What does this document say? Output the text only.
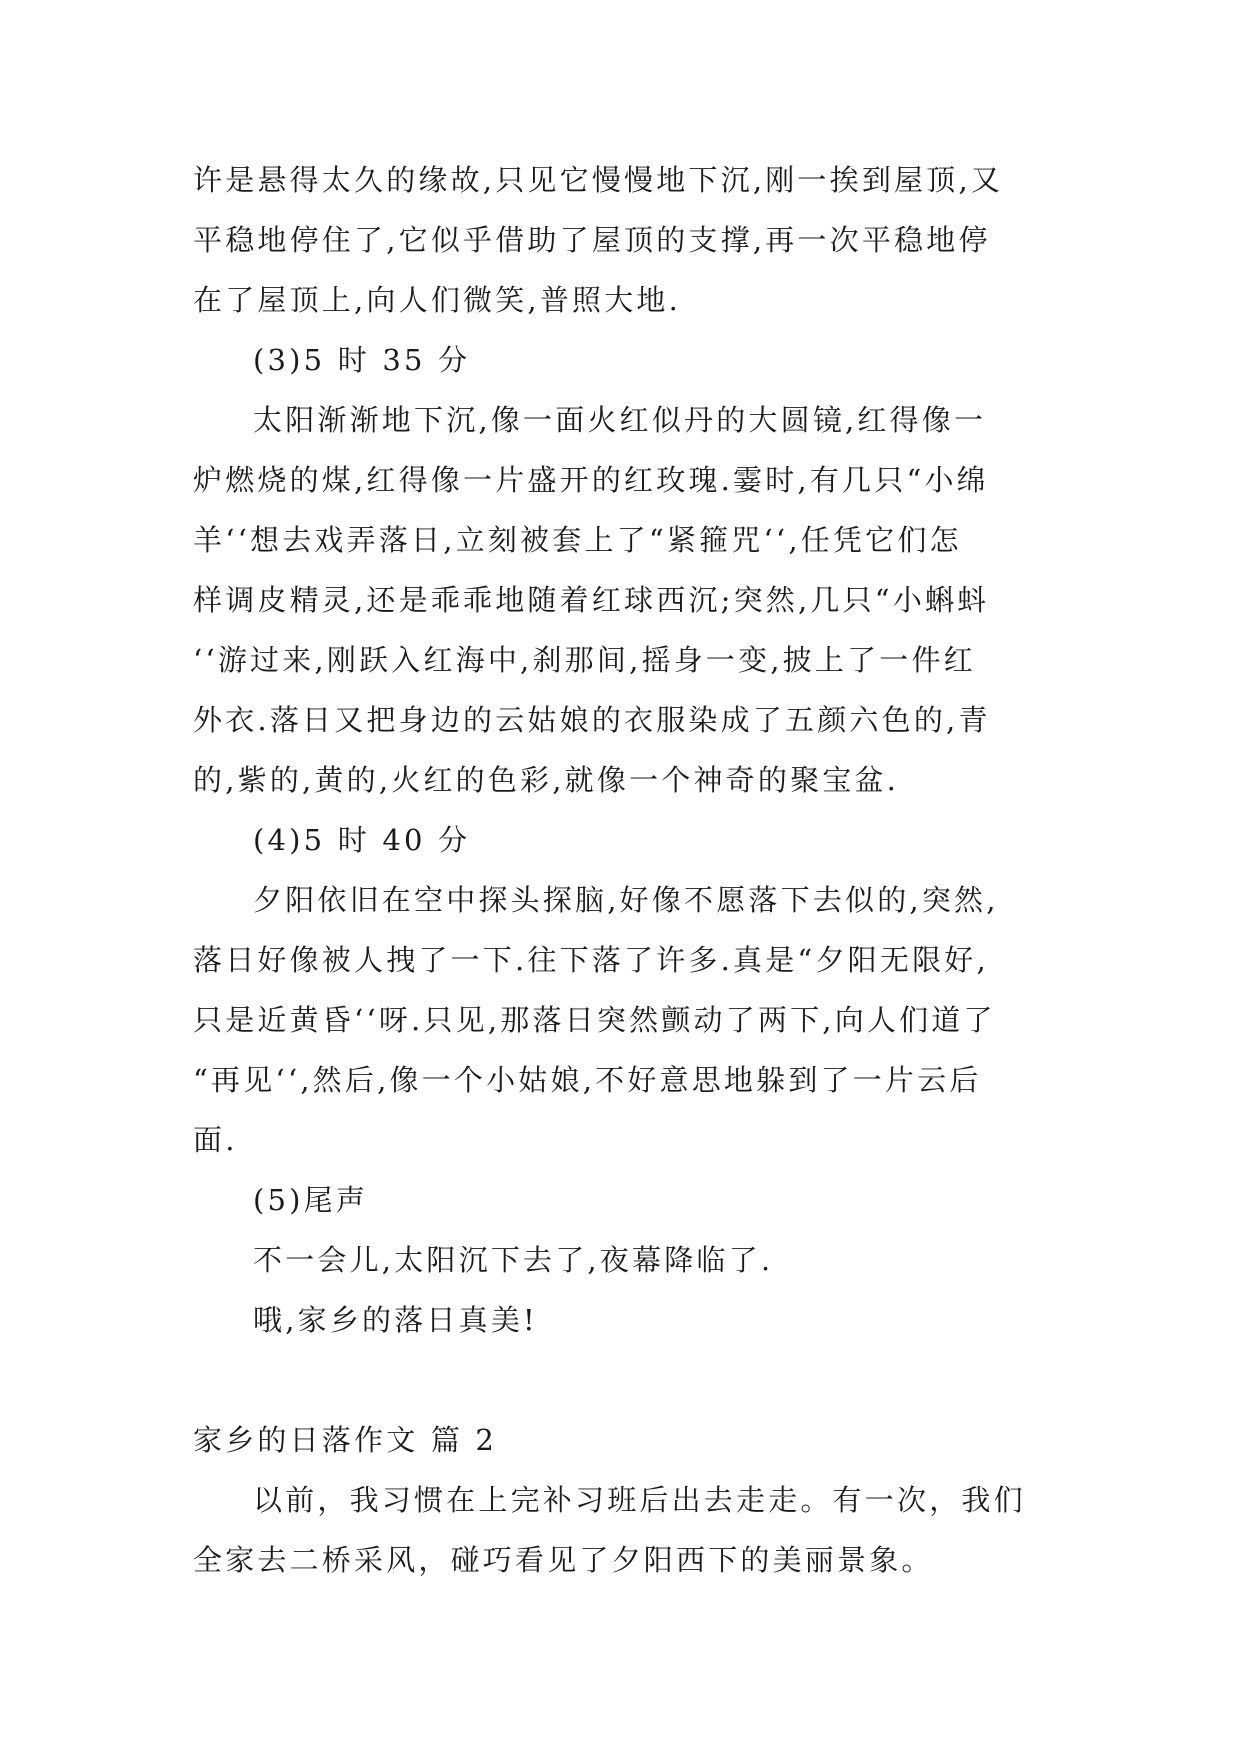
许是悬得太久的缘故,只见它慢慢地下沉,刚一挨到屋顶,又
平稳地停住了,它似乎借助了屋顶的支撑,再一次平稳地停
在了屋顶上,向人们微笑,普照大地.
(3)5 时 35 分
太阳渐渐地下沉,像一面火红似丹的大圆镜,红得像一
炉燃烧的煤,红得像一片盛开的红玫瑰.霎时,有几只“小绵
羊‘‘想去戏弄落日,立刻被套上了“紧箍咒‘‘,任凭它们怎
样调皮精灵,还是乖乖地随着红球西沉;突然,几只“小蝌蚪
‘‘游过来,刚跃入红海中,刹那间,摇身一变,披上了一件红
外衣.落日又把身边的云姑娘的衣服染成了五颜六色的,青
的,紫的,黄的,火红的色彩,就像一个神奇的聚宝盆.
(4)5 时 40 分
夕阳依旧在空中探头探脑,好像不愿落下去似的,突然,
落日好像被人拽了一下.往下落了许多.真是“夕阳无限好,
只是近黄昏‘‘呀.只见,那落日突然颤动了两下,向人们道了
“再见‘‘,然后,像一个小姑娘,不好意思地躲到了一片云后
面.
(5)尾声
不一会儿,太阳沉下去了,夜幕降临了.
哦,家乡的落日真美!
家乡的日落作文 篇 2
以前，我习惯在上完补习班后出去走走。有一次，我们
全家去二桥采风，碰巧看见了夕阳西下的美丽景象。
